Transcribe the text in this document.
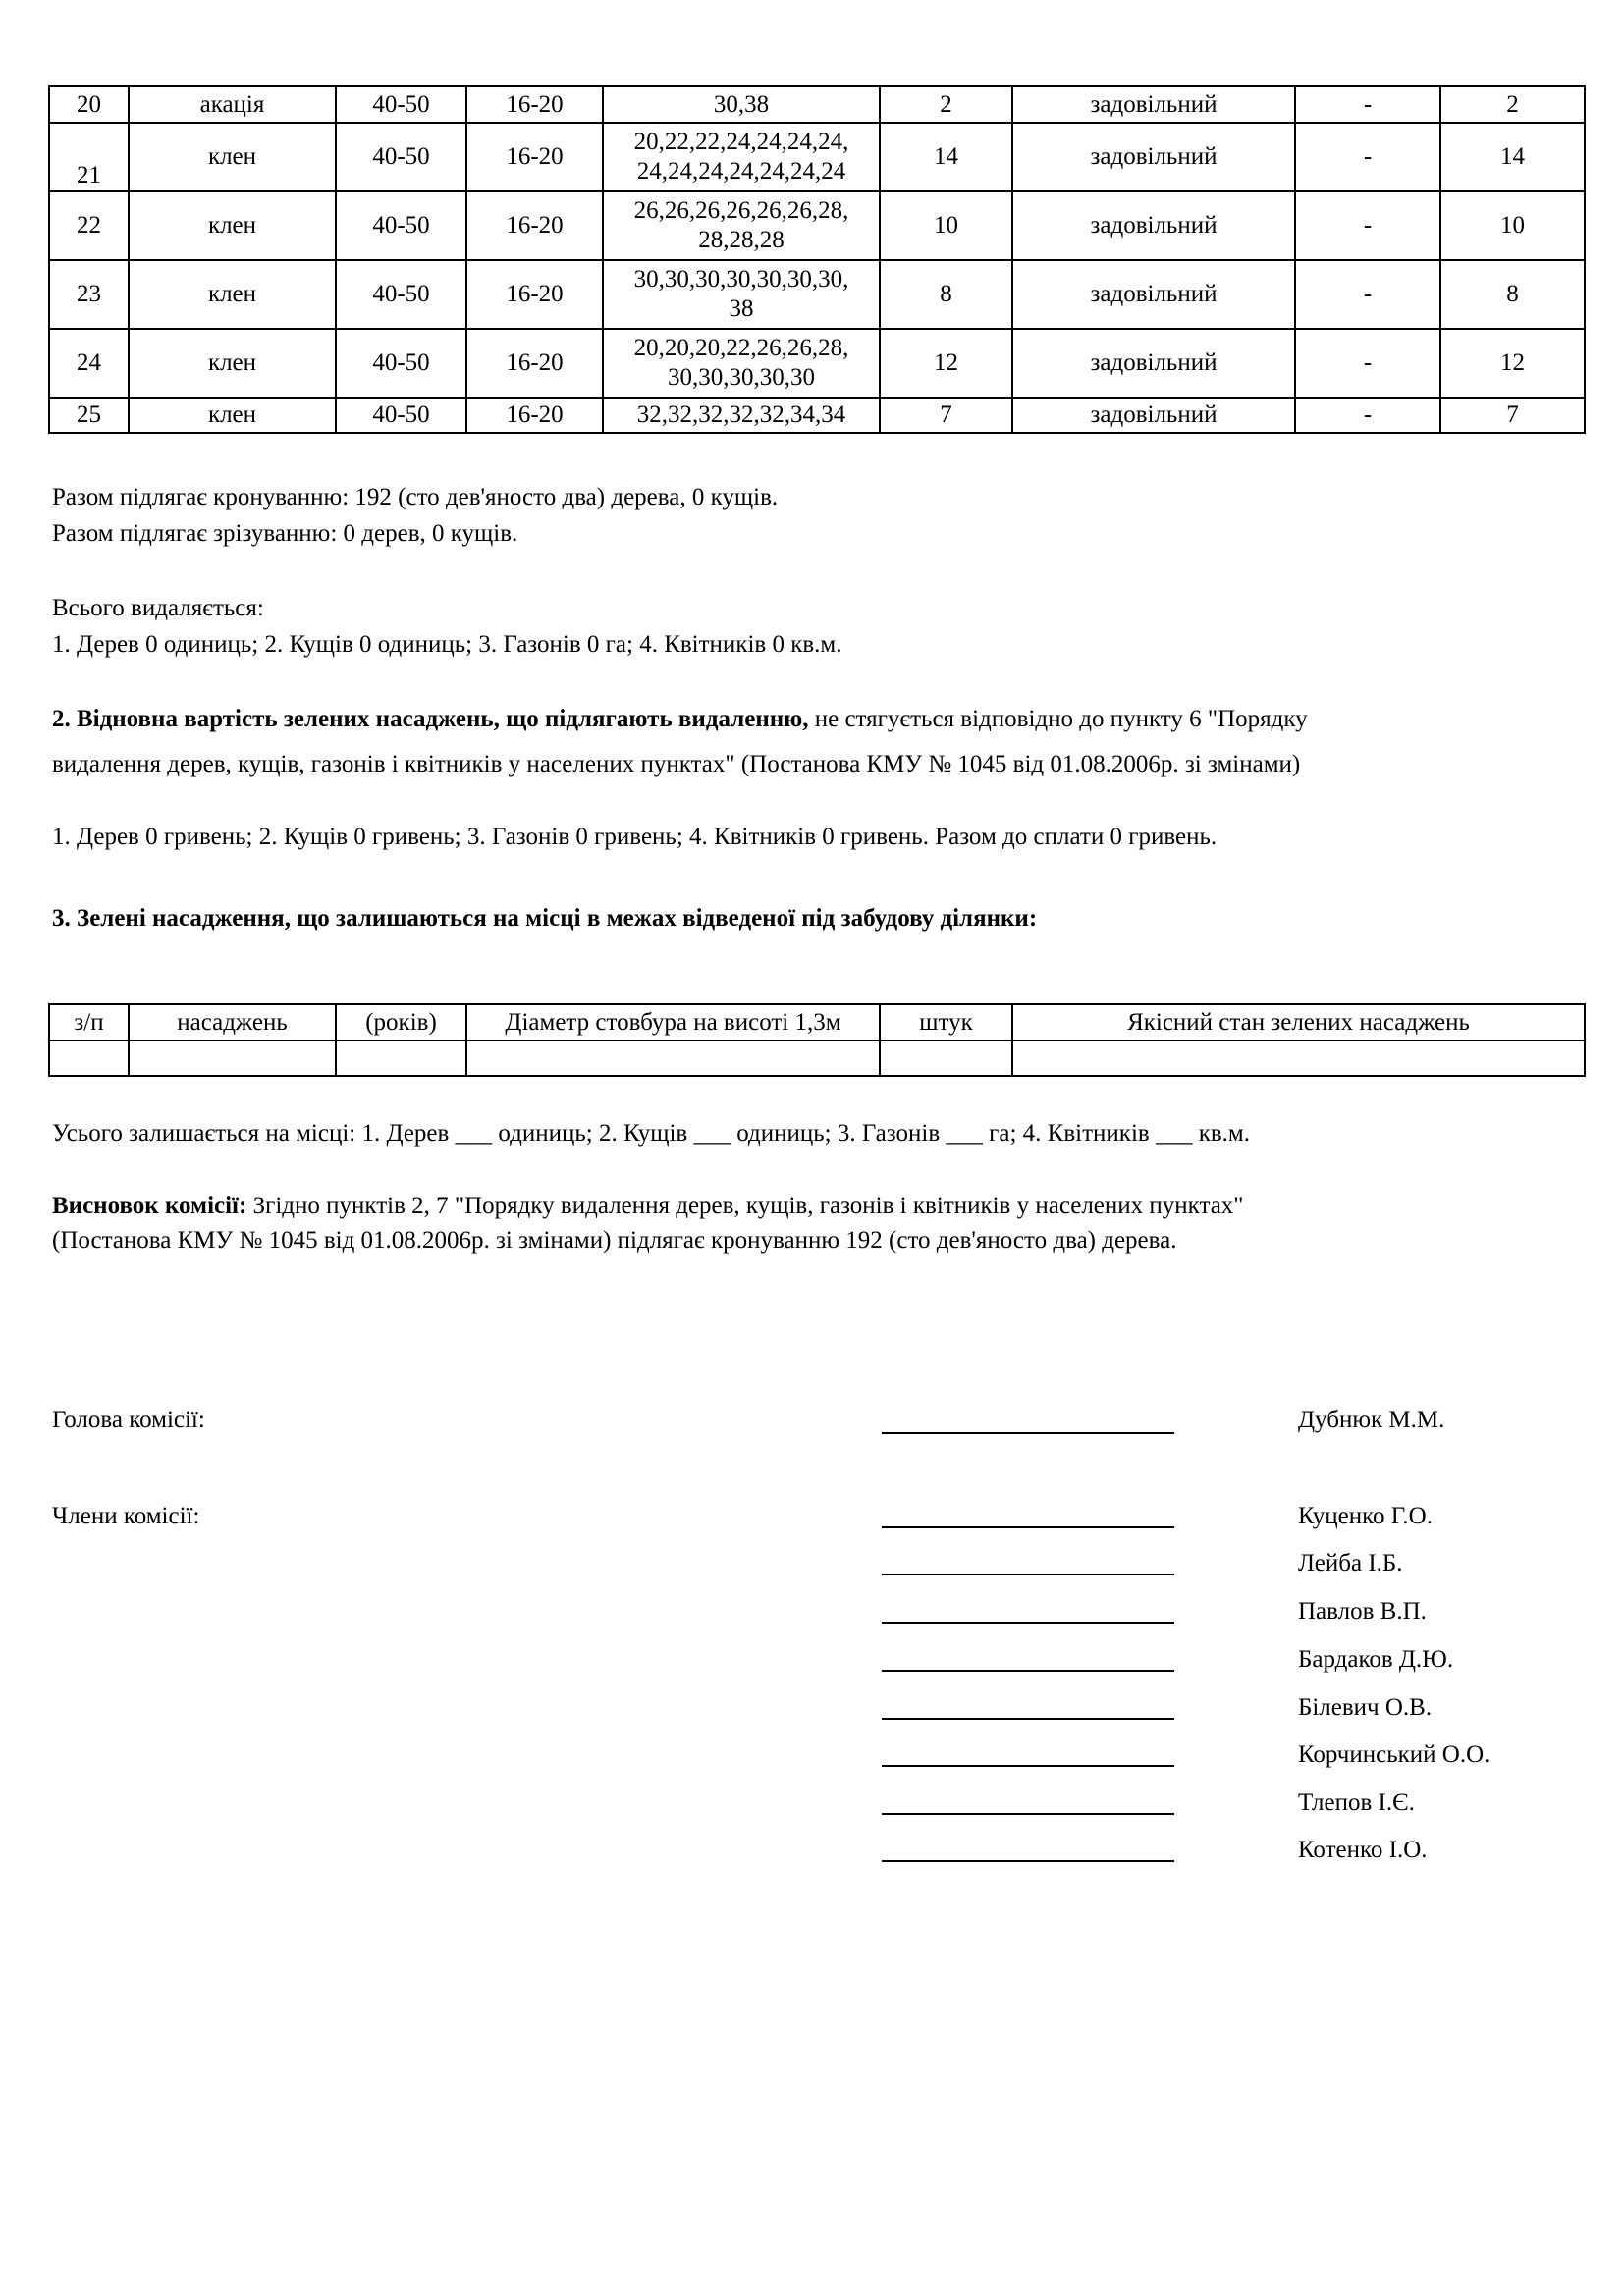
20	акація	40-50	16-20	30,38	2	задовільний	-	2
21	клен	40-50	16-20	20,22,22,24,24,24,24,
24,24,24,24,24,24,24	14	задовільний	-	14
22	клен	40-50	16-20	26,26,26,26,26,26,28,
28,28,28	10	задовільний	-	10
23	клен	40-50	16-20	30,30,30,30,30,30,30,
38	8	задовільний	-	8
24	клен	40-50	16-20	20,20,20,22,26,26,28,
30,30,30,30,30	12	задовільний	-	12
25	клен	40-50	16-20	32,32,32,32,32,34,34	7	задовільний	-	7
Разом підлягає кронуванню: 192 (сто дев'яносто два) дерева, 0 кущів.
Разом підлягає зрізуванню: 0 дерев, 0 кущів.
Всього видаляється:
1. Дерев 0 одиниць; 2. Кущів 0 одиниць; 3. Газонів 0 га; 4. Квітників 0 кв.м.
2. Відновна вартість зелених насаджень, що підлягають видаленню, не стягується відповідно до пункту 6 "Порядку
видалення дерев, кущів, газонів і квітників у населених пунктах" (Постанова КМУ № 1045 від 01.08.2006р. зі змінами)
1. Дерев 0 гривень; 2. Кущів 0 гривень; 3. Газонів 0 гривень; 4. Квітників 0 гривень. Разом до сплати 0 гривень.
3. Зелені насадження, що залишаються на місці в межах відведеної під забудову ділянки:
з/п	насаджень	(років)	Діаметр стовбура на висоті 1,3м	штук	Якісний стан зелених насаджень

Усього залишається на місці: 1. Дерев ___ одиниць; 2. Кущів ___ одиниць; 3. Газонів ___ га; 4. Квітників ___ кв.м.
Висновок комісії: Згідно пунктів 2, 7 "Порядку видалення дерев, кущів, газонів і квітників у населених пунктах"
(Постанова КМУ № 1045 від 01.08.2006р. зі змінами) підлягає кронуванню 192 (сто дев'яносто два) дерева.
Голова комісії:	Дубнюк М.М.
Члени комісії:	Куценко Г.О.
Лейба І.Б.
Павлов В.П.
Бардаков Д.Ю.
Білевич О.В.
Корчинський О.О.
Тлепов І.Є.
Котенко І.О.
